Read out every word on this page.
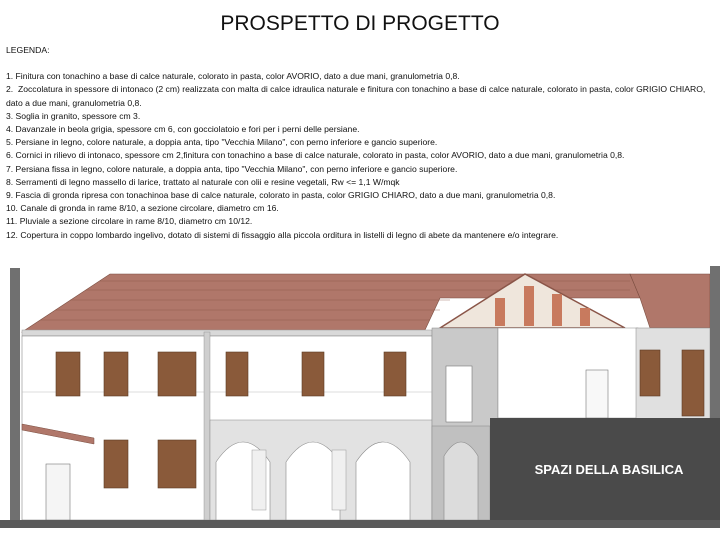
PROSPETTO DI PROGETTO
LEGENDA:
1. Finitura con tonachino a base di calce naturale, colorato in pasta, color AVORIO, dato a due mani, granulometria 0,8.
2.  Zoccolatura in spessore di intonaco (2 cm) realizzata con malta di calce idraulica naturale e finitura con tonachino a base di calce naturale, colorato in pasta, color GRIGIO CHIARO, dato a due mani, granulometria 0,8.
3. Soglia in granito, spessore cm 3.
4. Davanzale in beola grigia, spessore cm 6, con gocciolatoio e fori per i perni delle persiane.
5. Persiane in legno, colore naturale, a doppia anta, tipo "Vecchia Milano", con perno inferiore e gancio superiore.
6. Cornici in rilievo di intonaco, spessore cm 2,finitura con tonachino a base di calce naturale, colorato in pasta, color AVORIO, dato a due mani, granulometria 0,8.
7. Persiana fissa in legno, colore naturale, a doppia anta, tipo "Vecchia Milano", con perno inferiore e gancio superiore.
8. Serramenti di legno massello di larice, trattato al naturale con olii e resine vegetali, Rw <= 1,1 W/mqk
9. Fascia di gronda ripresa con tonachinoa base di calce naturale, colorato in pasta, color GRIGIO CHIARO, dato a due mani, granulometria 0,8.
10. Canale di gronda in rame 8/10, a sezione circolare, diametro cm 16.
11. Pluviale a sezione circolare in rame 8/10, diametro cm 10/12.
12. Copertura in coppo lombardo ingelivo, dotato di sistemi di fissaggio alla piccola orditura in listelli di legno di abete da mantenere e/o integrare.
SPAZI DELLA BASILICA
